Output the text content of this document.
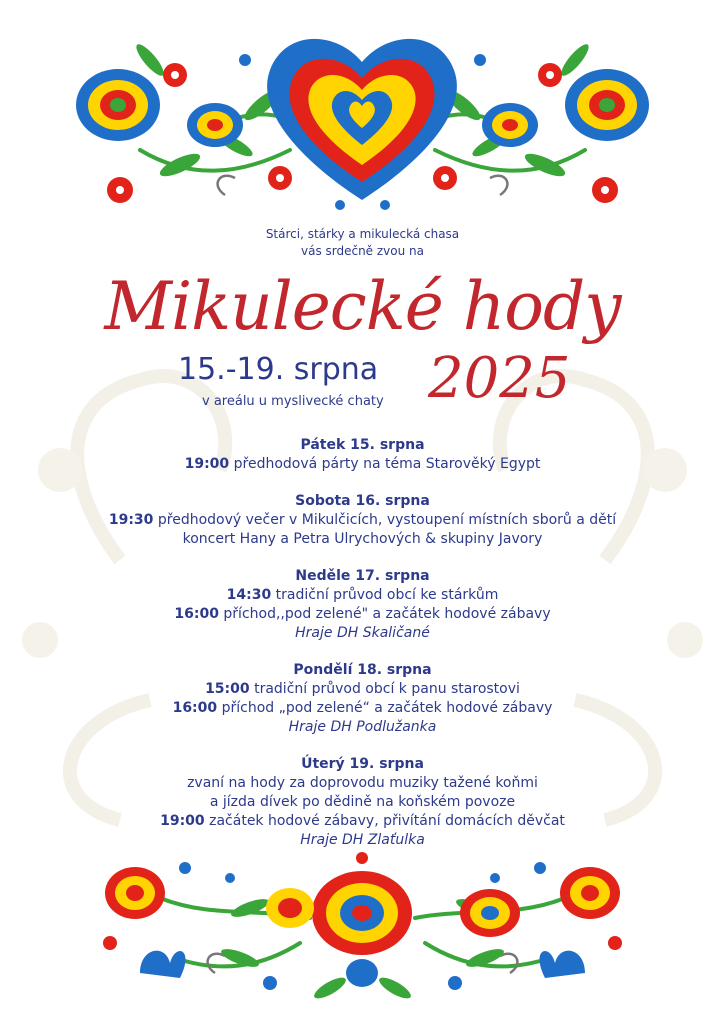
Stárci, stárky a mikulecká chasa
vás srdečně zvou na
Mikulecké hody
15.-19. srpna 2025
v areálu u myslivecké chaty
Pátek 15. srpna
19:00 předhodová párty na téma Starověký Egypt
Sobota 16. srpna
19:30 předhodový večer v Mikulčicích, vystoupení místních sborů a dětí
koncert Hany a Petra Ulrychových & skupiny Javory
Neděle 17. srpna
14:30 tradiční průvod obcí ke stárkům
16:00 příchod,,pod zelené" a začátek hodové zábavy
Hraje DH Skaličané
Pondělí 18. srpna
15:00 tradiční průvod obcí k panu starostovi
16:00 příchod „pod zelené“ a začátek hodové zábavy
Hraje DH Podlužanka
Úterý 19. srpna
zvaní na hody za doprovodu muziky tažené koňmi
a jízda dívek po dědině na koňském povoze
19:00 začátek hodové zábavy, přivítání domácích děvčat
Hraje DH Zlaťulka
